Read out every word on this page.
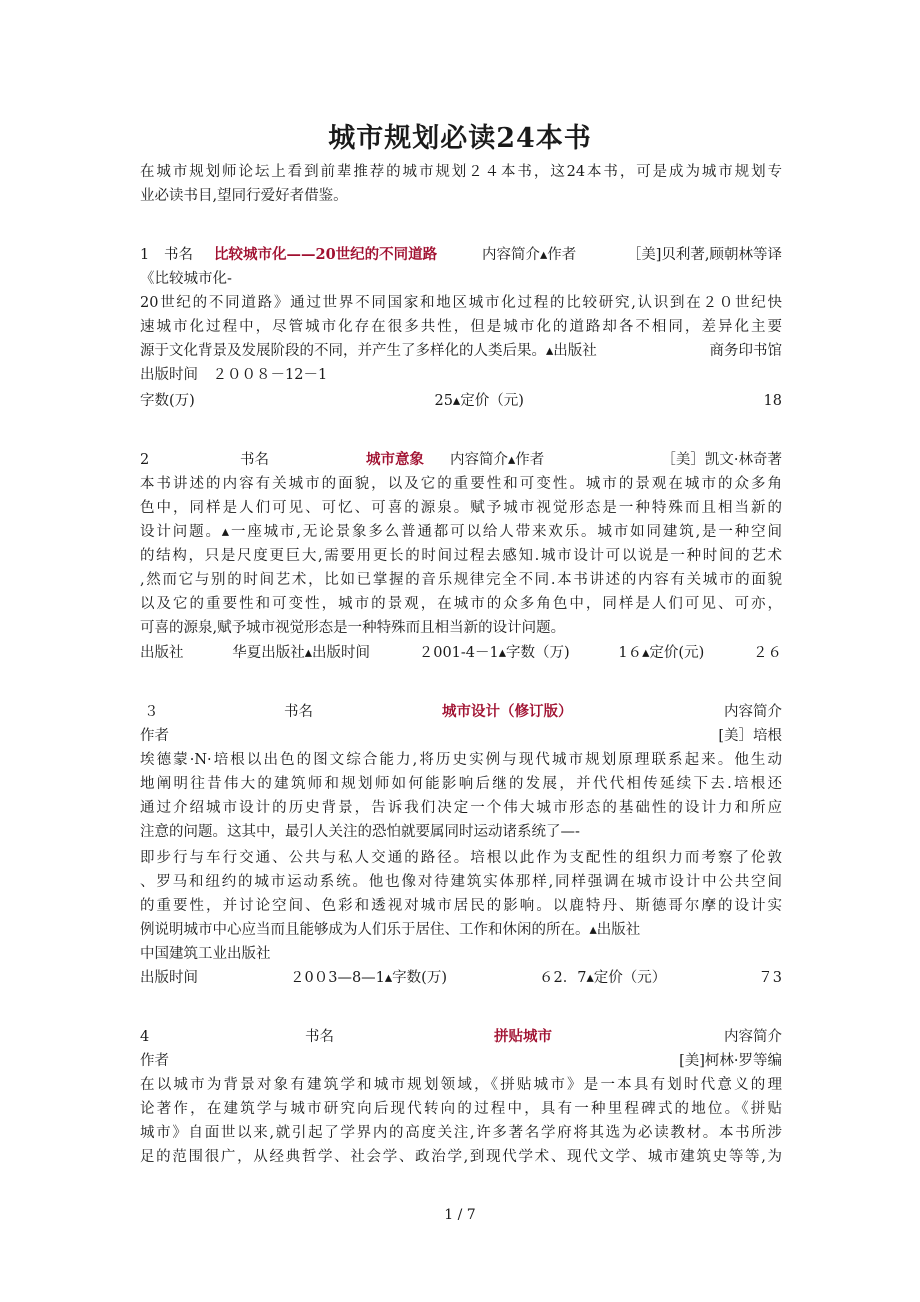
城市规划必读24本书
在城市规划师论坛上看到前辈推荐的城市规划２４本书，这24本书，可是成为城市规划专
业必读书目,望同行爱好者借鉴。
1 书名 比较城市化——20世纪的不同道路	内容简介▴作者	［美]贝利著,顾朝林等译
《比较城市化-
20世纪的不同道路》通过世界不同国家和地区城市化过程的比较研究,认识到在２０世纪快
速城市化过程中，尽管城市化存在很多共性，但是城市化的道路却各不相同，差异化主要
源于文化背景及发展阶段的不同，并产生了多样化的人类后果。▴出版社	商务印书馆
出版时间　２００８－12－1
字数(万)	25▴定价（元)	18
2	书名	城市意象 内容简介▴作者	［美］凯文·林奇著
本书讲述的内容有关城市的面貌，以及它的重要性和可变性。城市的景观在城市的众多角
色中，同样是人们可见、可忆、可喜的源泉。赋予城市视觉形态是一种特殊而且相当新的
设计问题。▴一座城市,无论景象多么普通都可以给人带来欢乐。城市如同建筑,是一种空间
的结构，只是尺度更巨大,需要用更长的时间过程去感知.城市设计可以说是一种时间的艺术
,然而它与别的时间艺术，比如已掌握的音乐规律完全不同.本书讲述的内容有关城市的面貌
以及它的重要性和可变性，城市的景观，在城市的众多角色中，同样是人们可见、可亦，
可喜的源泉,赋予城市视觉形态是一种特殊而且相当新的设计问题。
出版社	华夏出版社▴出版时间	２001-4－1▴字数（万)	1６▴定价(元)	２６
３	书名	城市设计（修订版）	内容简介
作者	[美］培根
埃德蒙·N·培根以出色的图文综合能力,将历史实例与现代城市规划原理联系起来。他生动
地阐明往昔伟大的建筑师和规划师如何能影响后继的发展，并代代相传延续下去.培根还
通过介绍城市设计的历史背景，告诉我们决定一个伟大城市形态的基础性的设计力和所应
注意的问题。这其中，最引人关注的恐怕就要属同时运动诸系统了—-
即步行与车行交通、公共与私人交通的路径。培根以此作为支配性的组织力而考察了伦敦
、罗马和纽约的城市运动系统。他也像对待建筑实体那样,同样强调在城市设计中公共空间
的重要性，并讨论空间、色彩和透视对城市居民的影响。以鹿特丹、斯德哥尔摩的设计实
例说明城市中心应当而且能够成为人们乐于居住、工作和休闲的所在。▴出版社
中国建筑工业出版社
出版时间	２0０3—8—1▴字数(万)	６2．7▴定价（元）	７3
4	书名	拼贴城市	内容简介
作者	[美]柯林·罗等编
在以城市为背景对象有建筑学和城市规划领域，《拼贴城市》是一本具有划时代意义的理
论著作，在建筑学与城市研究向后现代转向的过程中，具有一种里程碑式的地位。《拼贴
城市》自面世以来,就引起了学界内的高度关注,许多著名学府将其选为必读教材。本书所涉
足的范围很广，从经典哲学、社会学、政治学,到现代学术、现代文学、城市建筑史等等,为
1 / 7
